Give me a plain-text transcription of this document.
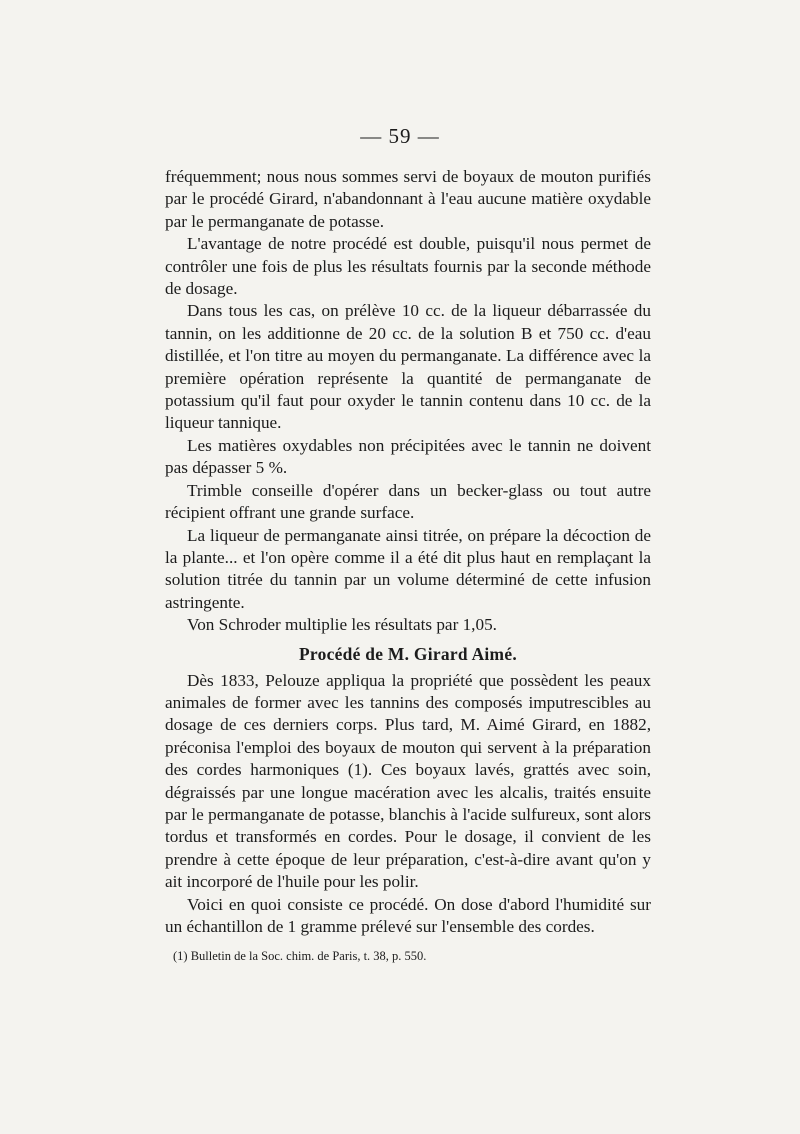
— 59 —

fréquemment; nous nous sommes servi de boyaux de mouton purifiés par le procédé Girard, n'abandonnant à l'eau aucune matière oxydable par le permanganate de potasse.

L'avantage de notre procédé est double, puisqu'il nous permet de contrôler une fois de plus les résultats fournis par la seconde méthode de dosage.

Dans tous les cas, on prélève 10 cc. de la liqueur débarrassée du tannin, on les additionne de 20 cc. de la solution B et 750 cc. d'eau distillée, et l'on titre au moyen du permanganate. La différence avec la première opération représente la quantité de permanganate de potassium qu'il faut pour oxyder le tannin contenu dans 10 cc. de la liqueur tannique.

Les matières oxydables non précipitées avec le tannin ne doivent pas dépasser 5 %.

Trimble conseille d'opérer dans un becker-glass ou tout autre récipient offrant une grande surface.

La liqueur de permanganate ainsi titrée, on prépare la décoction de la plante... et l'on opère comme il a été dit plus haut en remplaçant la solution titrée du tannin par un volume déterminé de cette infusion astringente.

Von Schroder multiplie les résultats par 1,05.

Procédé de M. Girard Aimé.

Dès 1833, Pelouze appliqua la propriété que possèdent les peaux animales de former avec les tannins des composés imputrescibles au dosage de ces derniers corps. Plus tard, M. Aimé Girard, en 1882, préconisa l'emploi des boyaux de mouton qui servent à la préparation des cordes harmoniques (1). Ces boyaux lavés, grattés avec soin, dégraissés par une longue macération avec les alcalis, traités ensuite par le permanganate de potasse, blanchis à l'acide sulfureux, sont alors tordus et transformés en cordes. Pour le dosage, il convient de les prendre à cette époque de leur préparation, c'est-à-dire avant qu'on y ait incorporé de l'huile pour les polir.

Voici en quoi consiste ce procédé. On dose d'abord l'humidité sur un échantillon de 1 gramme prélevé sur l'ensemble des cordes.

(1) Bulletin de la Soc. chim. de Paris, t. 38, p. 550.
